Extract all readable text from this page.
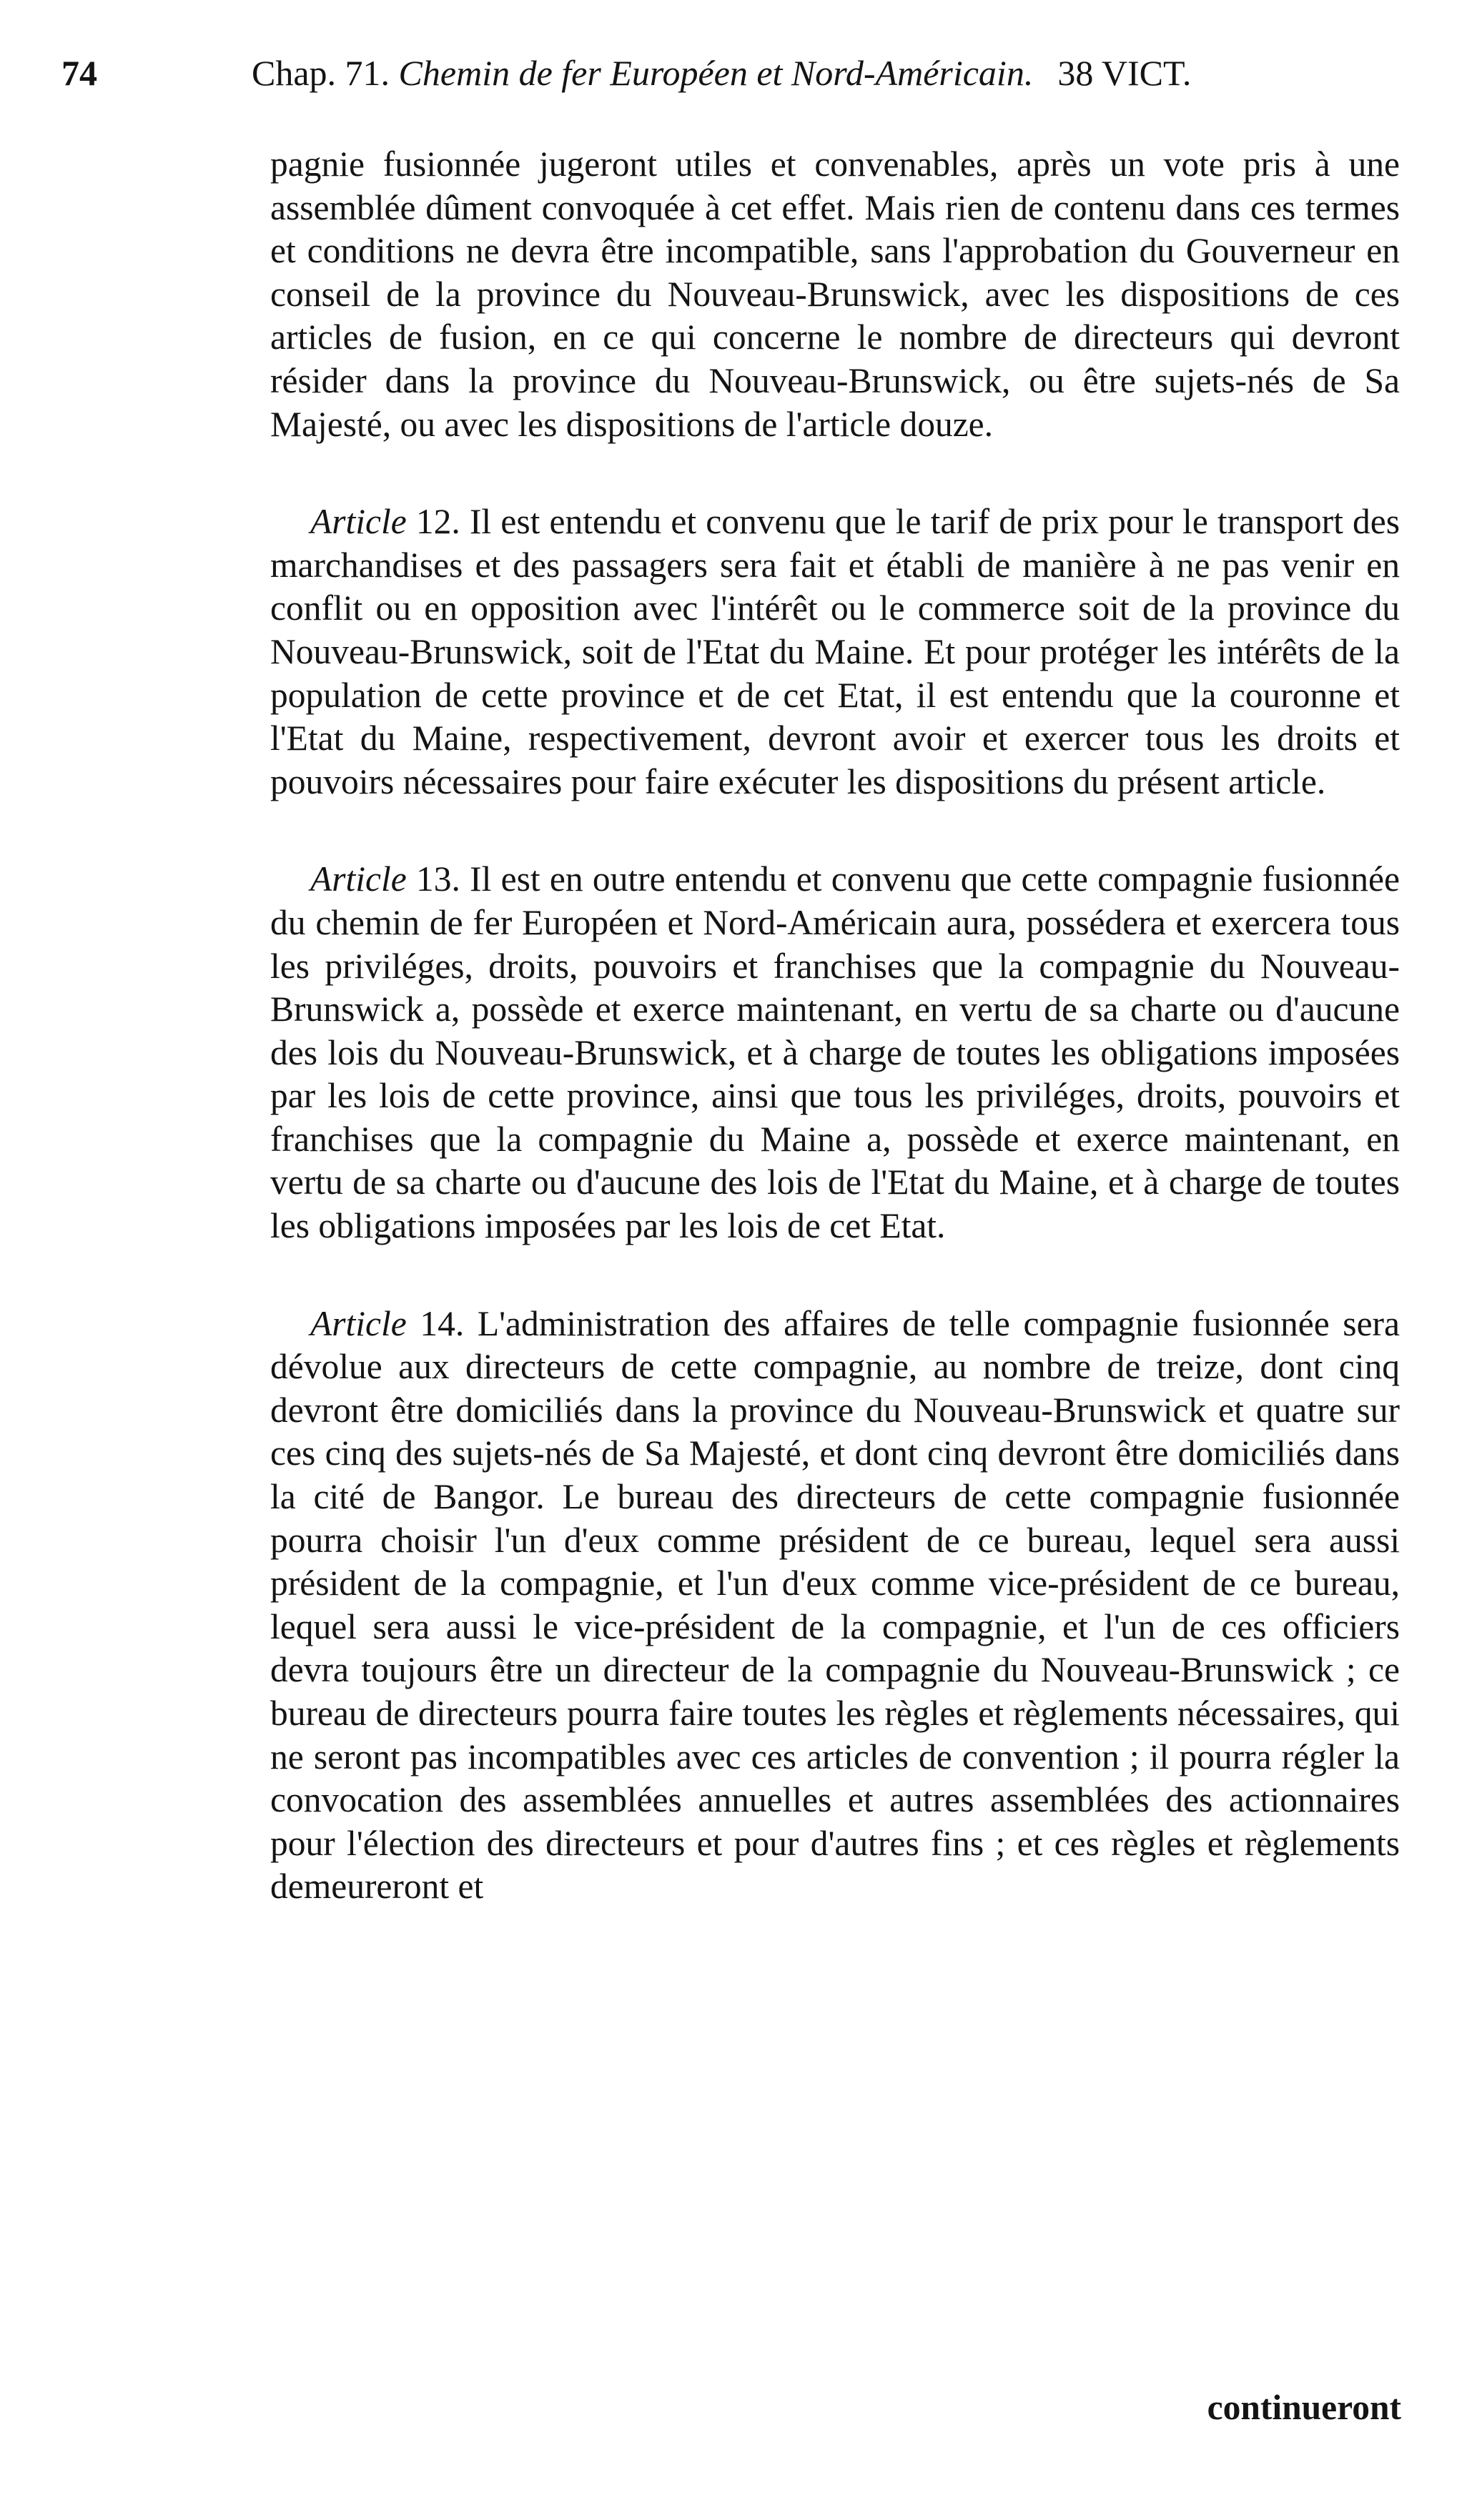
74	Chap. 71. Chemin de fer Européen et Nord-Américain. 38 VICT.

pagnie fusionnée jugeront utiles et convenables, après un vote pris à une assemblée dûment convoquée à cet effet. Mais rien de contenu dans ces termes et conditions ne devra être incompatible, sans l'approbation du Gouverneur en conseil de la province du Nouveau-Brunswick, avec les dispositions de ces articles de fusion, en ce qui concerne le nombre de directeurs qui devront résider dans la province du Nouveau-Brunswick, ou être sujets-nés de Sa Majesté, ou avec les dispositions de l'article douze.

Article 12. Il est entendu et convenu que le tarif de prix pour le transport des marchandises et des passagers sera fait et établi de manière à ne pas venir en conflit ou en opposition avec l'intérêt ou le commerce soit de la province du Nouveau-Brunswick, soit de l'Etat du Maine. Et pour protéger les intérêts de la population de cette province et de cet Etat, il est entendu que la couronne et l'Etat du Maine, respectivement, devront avoir et exercer tous les droits et pouvoirs nécessaires pour faire exécuter les dispositions du présent article.

Article 13. Il est en outre entendu et convenu que cette compagnie fusionnée du chemin de fer Européen et Nord-Américain aura, possédera et exercera tous les priviléges, droits, pouvoirs et franchises que la compagnie du Nouveau-Brunswick a, possède et exerce maintenant, en vertu de sa charte ou d'aucune des lois du Nouveau-Brunswick, et à charge de toutes les obligations imposées par les lois de cette province, ainsi que tous les priviléges, droits, pouvoirs et franchises que la compagnie du Maine a, possède et exerce maintenant, en vertu de sa charte ou d'aucune des lois de l'Etat du Maine, et à charge de toutes les obligations imposées par les lois de cet Etat.

Article 14. L'administration des affaires de telle compagnie fusionnée sera dévolue aux directeurs de cette compagnie, au nombre de treize, dont cinq devront être domiciliés dans la province du Nouveau-Brunswick et quatre sur ces cinq des sujets-nés de Sa Majesté, et dont cinq devront être domiciliés dans la cité de Bangor. Le bureau des directeurs de cette compagnie fusionnée pourra choisir l'un d'eux comme président de ce bureau, lequel sera aussi président de la compagnie, et l'un d'eux comme vice-président de ce bureau, lequel sera aussi le vice-président de la compagnie, et l'un de ces officiers devra toujours être un directeur de la compagnie du Nouveau-Brunswick ; ce bureau de directeurs pourra faire toutes les règles et règlements nécessaires, qui ne seront pas incompatibles avec ces articles de convention ; il pourra régler la convocation des assemblées annuelles et autres assemblées des actionnaires pour l'élection des directeurs et pour d'autres fins ; et ces règles et règlements demeureront et

continueront
